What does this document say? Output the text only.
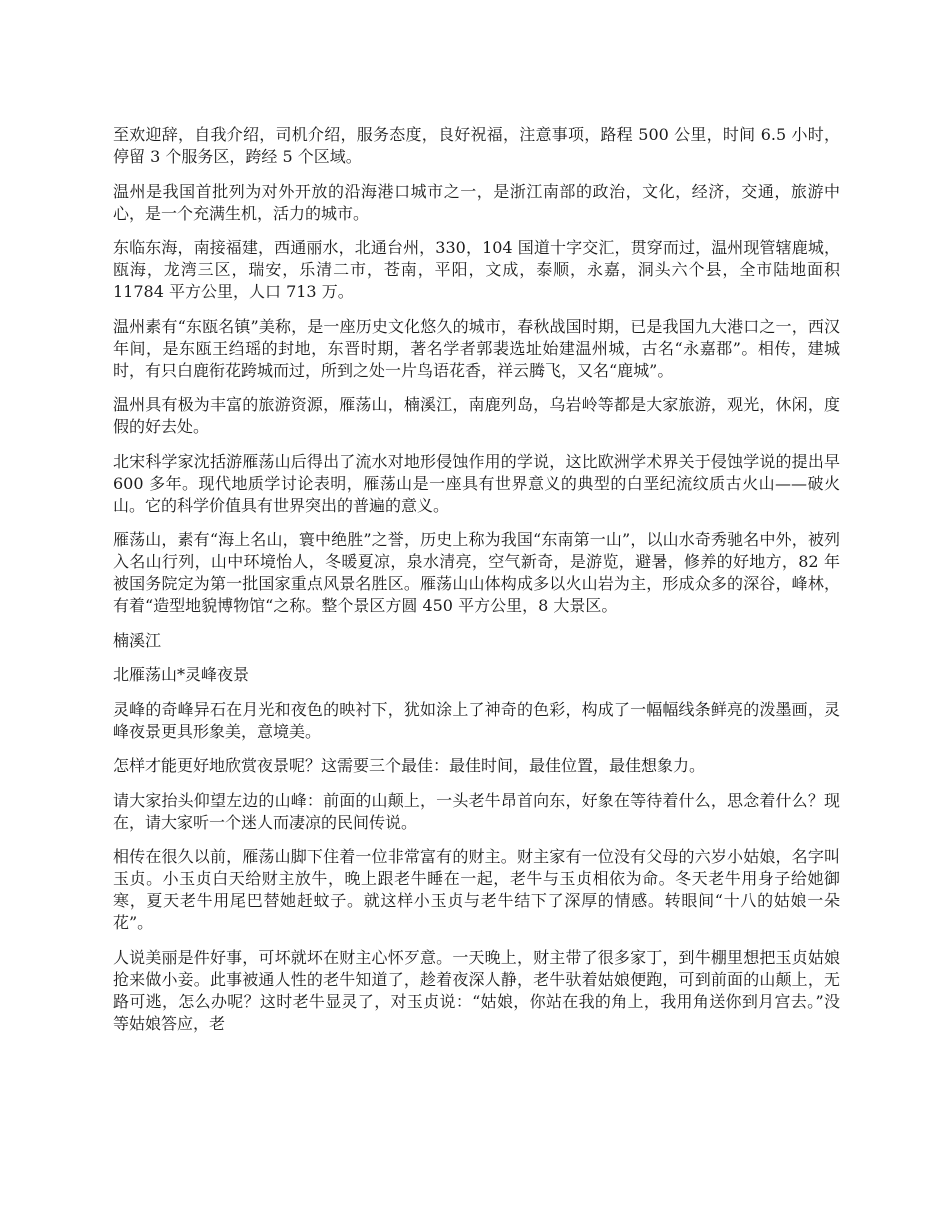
至欢迎辞，自我介绍，司机介绍，服务态度，良好祝福，注意事项，路程 500 公里，时间 6.5 小时，停留 3 个服务区，跨经 5 个区域。

温州是我国首批列为对外开放的沿海港口城市之一，是浙江南部的政治，文化，经济，交通，旅游中心，是一个充满生机，活力的城市。

东临东海，南接福建，西通丽水，北通台州，330，104 国道十字交汇，贯穿而过，温州现管辖鹿城，瓯海，龙湾三区，瑞安，乐清二市，苍南，平阳，文成，泰顺，永嘉，洞头六个县，全市陆地面积 11784 平方公里，人口 713 万。

温州素有“东瓯名镇”美称，是一座历史文化悠久的城市，春秋战国时期，已是我国九大港口之一，西汉年间，是东瓯王绉瑶的封地，东晋时期，著名学者郭裴选址始建温州城，古名“永嘉郡”。相传，建城时，有只白鹿衔花跨城而过，所到之处一片鸟语花香，祥云腾飞，又名“鹿城”。

温州具有极为丰富的旅游资源，雁荡山，楠溪江，南鹿列岛，乌岩岭等都是大家旅游，观光，休闲，度假的好去处。

北宋科学家沈括游雁荡山后得出了流水对地形侵蚀作用的学说，这比欧洲学术界关于侵蚀学说的提出早 600 多年。现代地质学讨论表明，雁荡山是一座具有世界意义的典型的白垩纪流纹质古火山——破火山。它的科学价值具有世界突出的普遍的意义。

雁荡山，素有“海上名山，寰中绝胜”之誉，历史上称为我国“东南第一山”，以山水奇秀驰名中外，被列入名山行列，山中环境怡人，冬暖夏凉，泉水清亮，空气新奇，是游览，避暑，修养的好地方，82 年被国务院定为第一批国家重点风景名胜区。雁荡山山体构成多以火山岩为主，形成众多的深谷，峰林，有着“造型地貌博物馆“之称。整个景区方圆 450 平方公里，8 大景区。

楠溪江

北雁荡山*灵峰夜景

灵峰的奇峰异石在月光和夜色的映衬下，犹如涂上了神奇的色彩，构成了一幅幅线条鲜亮的泼墨画，灵峰夜景更具形象美，意境美。

怎样才能更好地欣赏夜景呢？这需要三个最佳：最佳时间，最佳位置，最佳想象力。

请大家抬头仰望左边的山峰：前面的山颠上，一头老牛昂首向东，好象在等待着什么，思念着什么？现在，请大家听一个迷人而凄凉的民间传说。

相传在很久以前，雁荡山脚下住着一位非常富有的财主。财主家有一位没有父母的六岁小姑娘，名字叫玉贞。小玉贞白天给财主放牛，晚上跟老牛睡在一起，老牛与玉贞相依为命。冬天老牛用身子给她御寒，夏天老牛用尾巴替她赶蚊子。就这样小玉贞与老牛结下了深厚的情感。转眼间“十八的姑娘一朵花”。

人说美丽是件好事，可坏就坏在财主心怀歹意。一天晚上，财主带了很多家丁，到牛棚里想把玉贞姑娘抢来做小妾。此事被通人性的老牛知道了，趁着夜深人静，老牛驮着姑娘便跑，可到前面的山颠上，无路可逃，怎么办呢？这时老牛显灵了，对玉贞说：“姑娘，你站在我的角上，我用角送你到月宫去。”没等姑娘答应，老
